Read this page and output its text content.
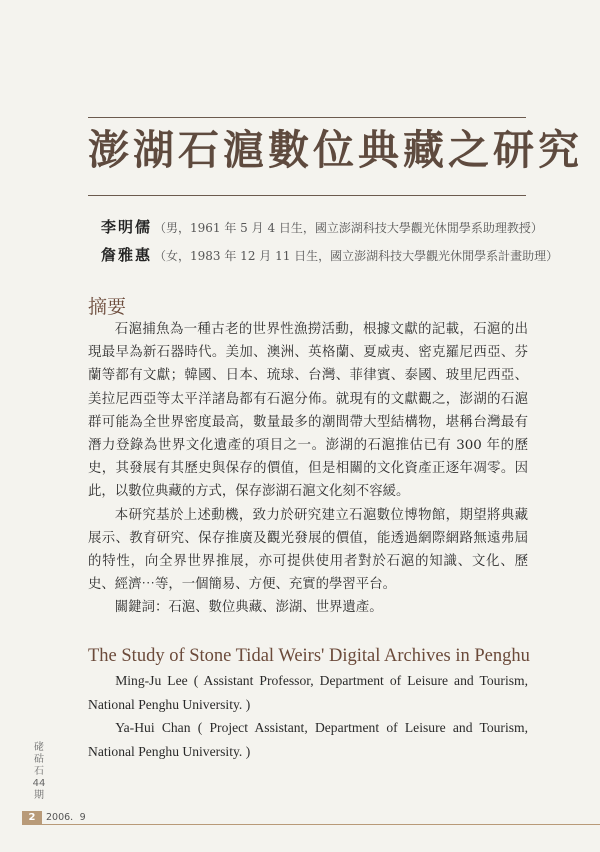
澎湖石滬數位典藏之研究
李明儒 （男，1961 年 5 月 4 日生，國立澎湖科技大學觀光休閒學系助理教授）
詹雅惠 （女，1983 年 12 月 11 日生，國立澎湖科技大學觀光休閒學系計畫助理）
摘要

石滬捕魚為一種古老的世界性漁撈活動，根據文獻的記載，石滬的出現最早為新石器時代。美加、澳洲、英格蘭、夏威夷、密克羅尼西亞、芬蘭等都有文獻；韓國、日本、琉球、台灣、菲律賓、泰國、玻里尼西亞、美拉尼西亞等太平洋諸島都有石滬分佈。就現有的文獻觀之，澎湖的石滬群可能為全世界密度最高，數量最多的潮間帶大型結構物，堪稱台灣最有潛力登錄為世界文化遺產的項目之一。澎湖的石滬推估已有 300 年的歷史，其發展有其歷史與保存的價值，但是相關的文化資產正逐年凋零。因此，以數位典藏的方式，保存澎湖石滬文化刻不容緩。

本研究基於上述動機，致力於研究建立石滬數位博物館，期望將典藏展示、教育研究、保存推廣及觀光發展的價值，能透過網際網路無遠弗屆的特性，向全界世界推展，亦可提供使用者對於石滬的知識、文化、歷史、經濟⋯等，一個簡易、方便、充實的學習平台。

關鍵詞：石滬、數位典藏、澎湖、世界遺產。

The Study of Stone Tidal Weirs' Digital Archives in Penghu

Ming-Ju Lee ( Assistant Professor, Department of Leisure and Tourism, National Penghu University. )

Ya-Hui Chan ( Project Assistant, Department of Leisure and Tourism, National Penghu University. )

硓𥑮石
44
期
2	2006．9
